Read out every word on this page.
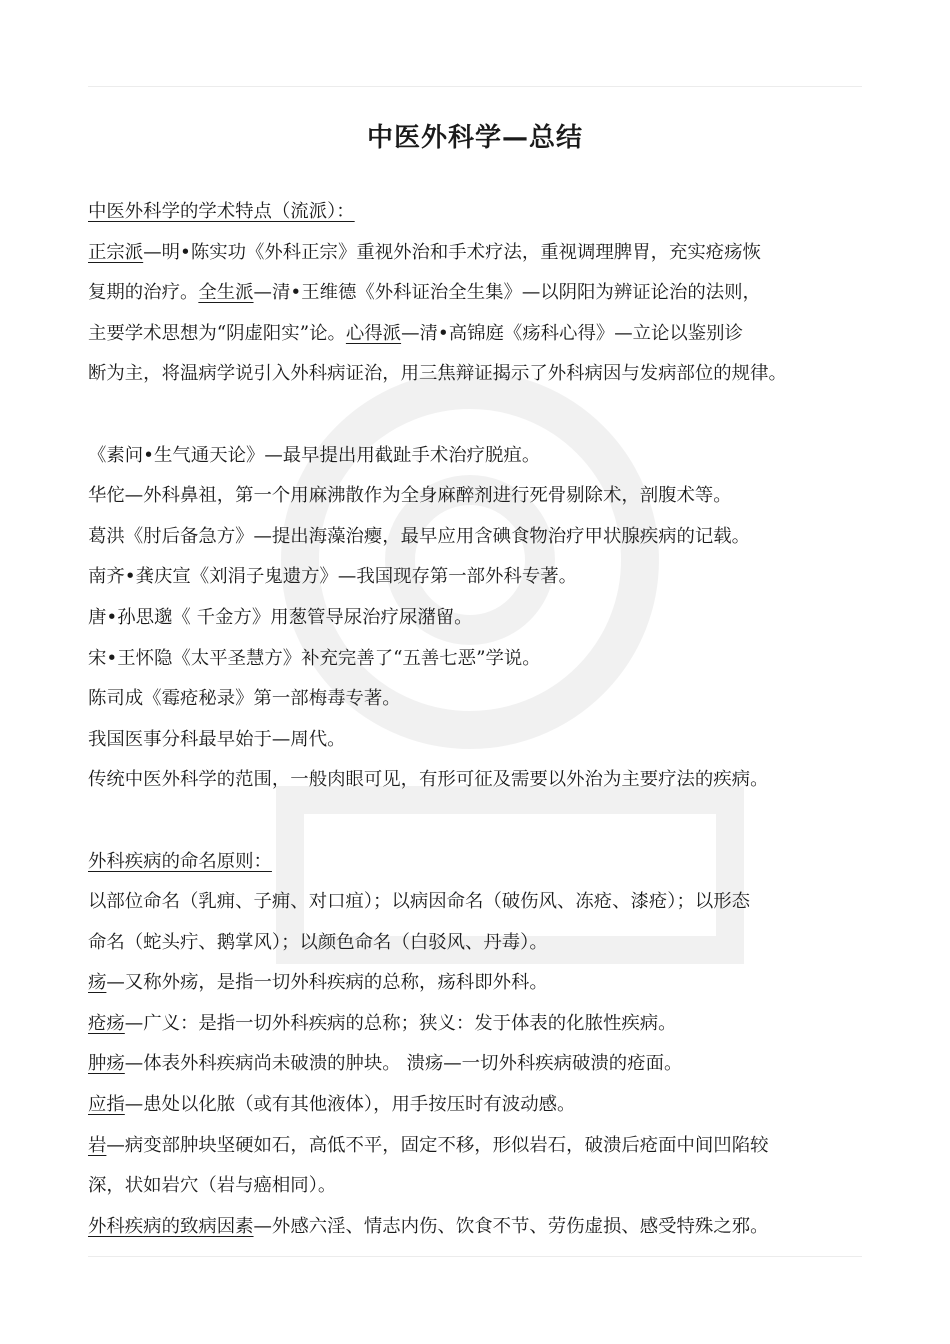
中医外科学—总结

中医外科学的学术特点（流派）：

正宗派—明•陈实功《外科正宗》重视外治和手术疗法，重视调理脾胃，充实疮疡恢

复期的治疗。全生派—清•王维德《外科证治全生集》—以阴阳为辨证论治的法则，

主要学术思想为“阴虚阳实”论。心得派—清•高锦庭《疡科心得》—立论以鉴别诊

断为主，将温病学说引入外科病证治，用三焦辩证揭示了外科病因与发病部位的规律。

《素问•生气通天论》—最早提出用截趾手术治疗脱疽。

华佗—外科鼻祖，第一个用麻沸散作为全身麻醉剂进行死骨剔除术，剖腹术等。

葛洪《肘后备急方》—提出海藻治瘿，最早应用含碘食物治疗甲状腺疾病的记载。

南齐•龚庆宣《刘涓子鬼遗方》—我国现存第一部外科专著。

唐•孙思邈《 千金方》用葱管导尿治疗尿潴留。

宋•王怀隐《太平圣慧方》补充完善了“五善七恶”学说。

陈司成《霉疮秘录》第一部梅毒专著。

我国医事分科最早始于—周代。

传统中医外科学的范围，一般肉眼可见，有形可征及需要以外治为主要疗法的疾病。

外科疾病的命名原则：

以部位命名（乳痈、子痈、对口疽）；以病因命名（破伤风、冻疮、漆疮）；以形态

命名（蛇头疔、鹅掌风）；以颜色命名（白驳风、丹毒）。

疡—又称外疡，是指一切外科疾病的总称，疡科即外科。

疮疡—广义：是指一切外科疾病的总称；狭义：发于体表的化脓性疾病。

肿疡—体表外科疾病尚未破溃的肿块。 溃疡—一切外科疾病破溃的疮面。

应指—患处以化脓（或有其他液体），用手按压时有波动感。

岩—病变部肿块坚硬如石，高低不平，固定不移，形似岩石，破溃后疮面中间凹陷较

深，状如岩穴（岩与癌相同）。

外科疾病的致病因素—外感六淫、情志内伤、饮食不节、劳伤虚损、感受特殊之邪。
